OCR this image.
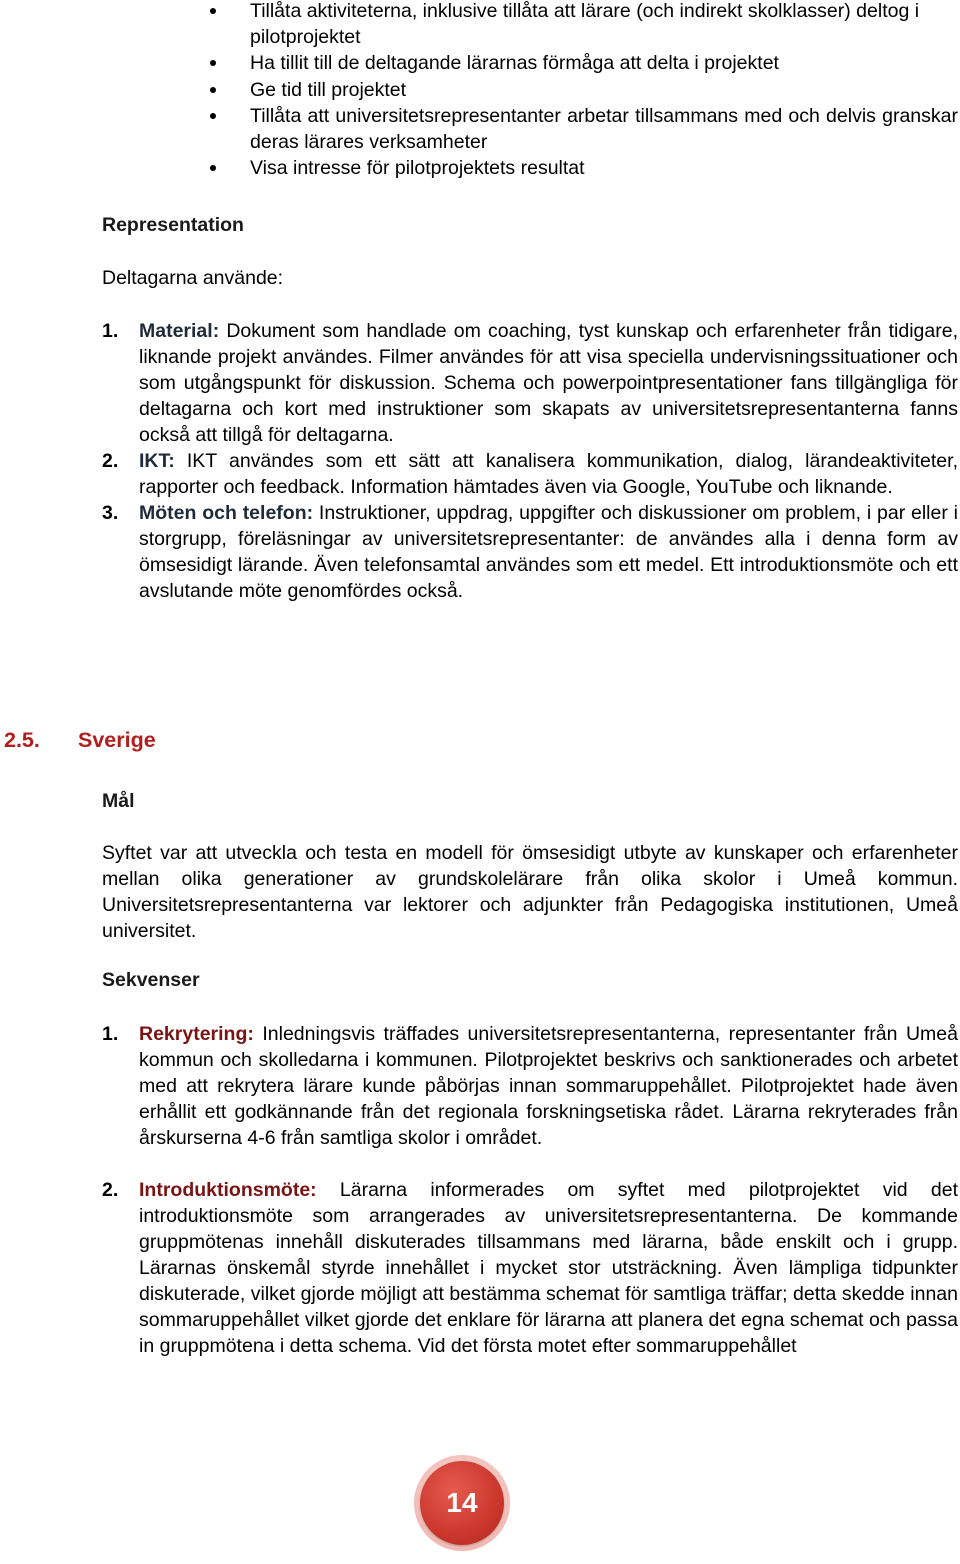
Tillåta aktiviteterna, inklusive tillåta att lärare (och indirekt skolklasser) deltog i pilotprojektet
Ha tillit till de deltagande lärarnas förmåga att delta i projektet
Ge tid till projektet
Tillåta att universitetsrepresentanter arbetar tillsammans med och delvis granskar deras lärares verksamheter
Visa intresse för pilotprojektets resultat
Representation
Deltagarna använde:
1. Material: Dokument som handlade om coaching, tyst kunskap och erfarenheter från tidigare, liknande projekt användes. Filmer användes för att visa speciella undervisningssituationer och som utgångspunkt för diskussion. Schema och powerpointpresentationer fans tillgängliga för deltagarna och kort med instruktioner som skapats av universitetsrepresentanterna fanns också att tillgå för deltagarna.
2. IKT: IKT användes som ett sätt att kanalisera kommunikation, dialog, lärandeaktiviteter, rapporter och feedback. Information hämtades även via Google, YouTube och liknande.
3. Möten och telefon: Instruktioner, uppdrag, uppgifter och diskussioner om problem, i par eller i storgrupp, föreläsningar av universitetsrepresentanter: de användes alla i denna form av ömsesidigt lärande. Även telefonsamtal användes som ett medel. Ett introduktionsmöte och ett avslutande möte genomfördes också.
2.5. Sverige
Mål
Syftet var att utveckla och testa en modell för ömsesidigt utbyte av kunskaper och erfarenheter mellan olika generationer av grundskolelärare från olika skolor i Umeå kommun. Universitetsrepresentanterna var lektorer och adjunkter från Pedagogiska institutionen, Umeå universitet.
Sekvenser
1. Rekrytering: Inledningsvis träffades universitetsrepresentanterna, representanter från Umeå kommun och skolledarna i kommunen. Pilotprojektet beskrivs och sanktionerades och arbetet med att rekrytera lärare kunde påbörjas innan sommaruppehållet. Pilotprojektet hade även erhållit ett godkännande från det regionala forskningsetiska rådet. Lärarna rekryterades från årskurserna 4-6 från samtliga skolor i området.
2. Introduktionsmöte: Lärarna informerades om syftet med pilotprojektet vid det introduktionsmöte som arrangerades av universitetsrepresentanterna. De kommande gruppmötenas innehåll diskuterades tillsammans med lärarna, både enskilt och i grupp. Lärarnas önskemål styrde innehållet i mycket stor utsträckning. Även lämpliga tidpunkter diskuterade, vilket gjorde möjligt att bestämma schemat för samtliga träffar; detta skedde innan sommaruppehållet vilket gjorde det enklare för lärarna att planera det egna schemat och passa in gruppmötena i detta schema. Vid det första motet efter sommaruppehållet
14
